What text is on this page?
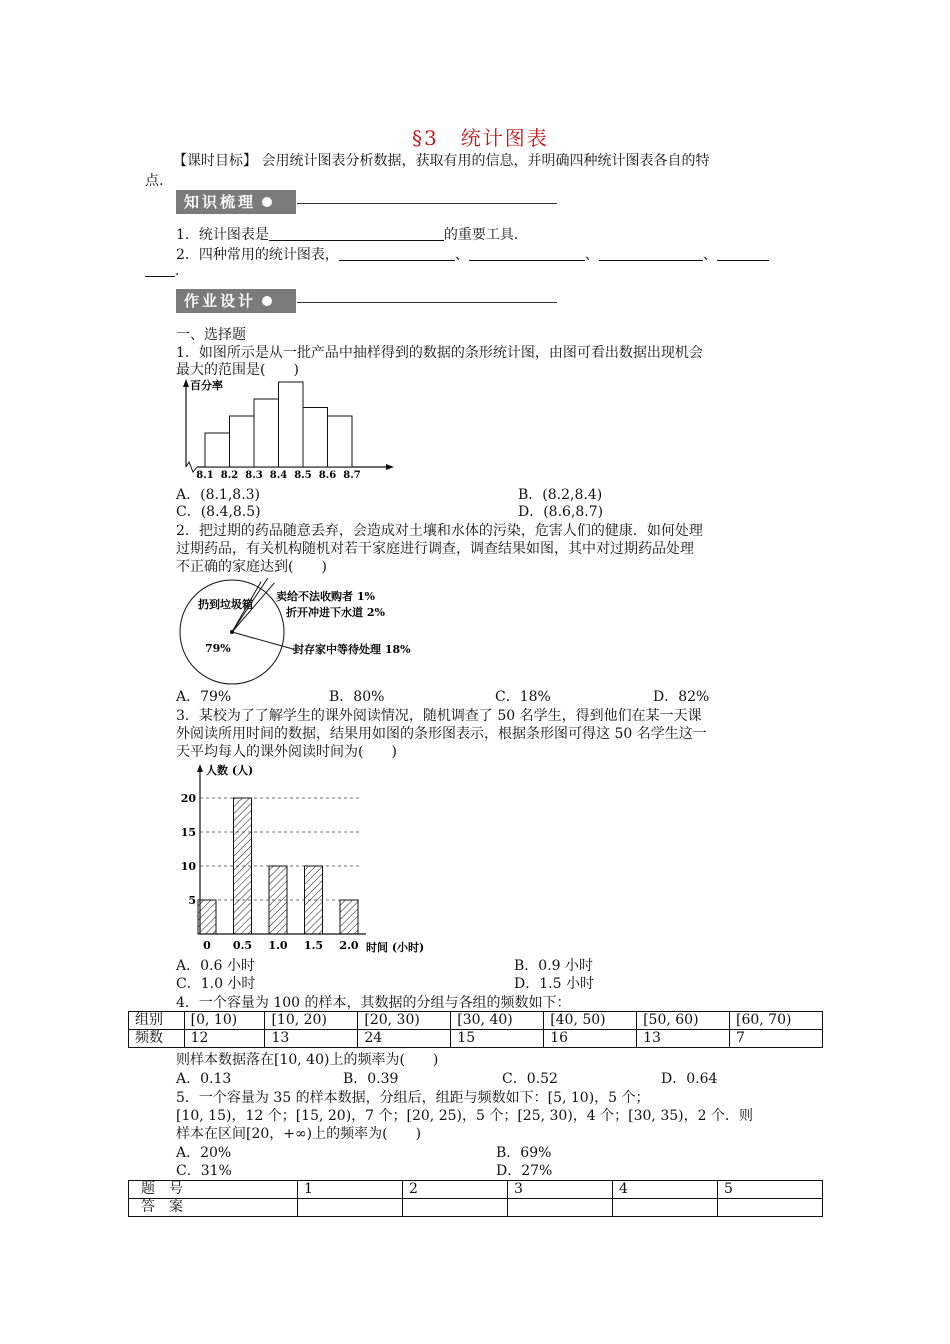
§3　统计图表
【课时目标】 会用统计图表分析数据，获取有用的信息，并明确四种统计图表各自的特
点.
知识梳理
1．统计图表是	的重要工具.
2．四种常用的统计图表，	、	、	、
.
作业设计
一、选择题
1．如图所示是从一批产品中抽样得到的数据的条形统计图，由图可看出数据出现机会
最大的范围是(　　)
百分率
8.1 8.2 8.3 8.4 8.5 8.6 8.7
A．(8.1,8.3)	B．(8.2,8.4)
C．(8.4,8.5)	D．(8.6,8.7)
2．把过期的药品随意丢弃，会造成对土壤和水体的污染，危害人们的健康．如何处理
过期药品，有关机构随机对若干家庭进行调查，调查结果如图，其中对过期药品处理
不正确的家庭达到(　　)
扔到垃圾箱
79%
卖给不法收购者 1%
折开冲进下水道 2%
封存家中等待处理 18%
A．79%	B．80%	C．18%	D．82%
3．某校为了了解学生的课外阅读情况，随机调查了 50 名学生，得到他们在某一天课
外阅读所用时间的数据，结果用如图的条形图表示，根据条形图可得这 50 名学生这一
天平均每人的课外阅读时间为(　　)
人数 (人)
时间 (小时)
5
10
15
20
0 0.5 1.0 1.5 2.0
A．0.6 小时	B．0.9 小时
C．1.0 小时	D．1.5 小时
4．一个容量为 100 的样本，其数据的分组与各组的频数如下：
组别	[0, 10)	[10, 20)	[20, 30)	[30, 40)	[40, 50)	[50, 60)	[60, 70)
频数	12	13	24	15	16	13	7
则样本数据落在[10, 40)上的频率为(　　)
A．0.13	B．0.39	C．0.52	D．0.64
5．一个容量为 35 的样本数据，分组后，组距与频数如下：[5, 10)，5 个；
[10, 15)，12 个；[15, 20)，7 个；[20, 25)，5 个；[25, 30)，4 个；[30, 35)，2 个．则
样本在区间[20，+∞)上的频率为(　　)
A．20%	B．69%
C．31%	D．27%
题　号	1	2	3	4	5
答　案					
